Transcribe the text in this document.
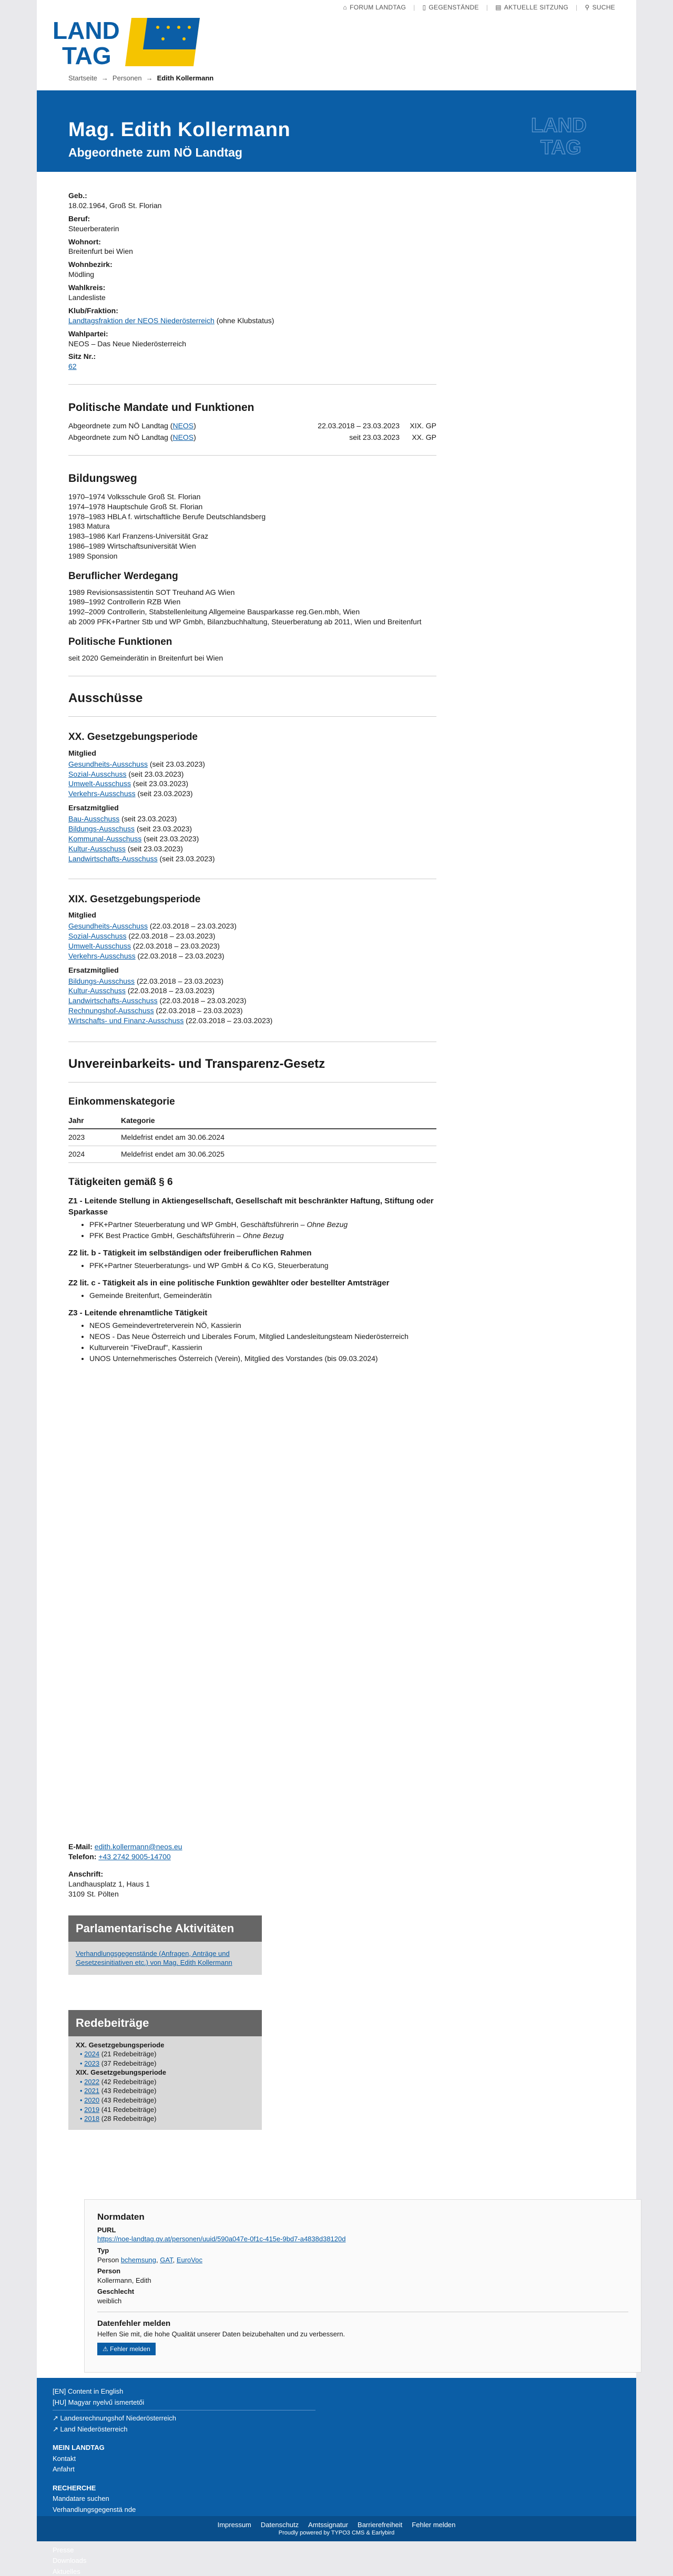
LAND
TAG
⌂ FORUM LANDTAG | ▯ GEGENSTÄNDE | ▤ AKTUELLE SITZUNG | ⚲ SUCHE
Startseite → Personen → Edith Kollermann
Mag. Edith Kollermann
Abgeordnete zum NÖ Landtag
LAND
TAG
Geb.:
18.02.1964, Groß St. Florian
Beruf:
Steuerberaterin
Wohnort:
Breitenfurt bei Wien
Wohnbezirk:
Mödling
Wahlkreis:
Landesliste
Klub/Fraktion:
Landtagsfraktion der NEOS Niederösterreich (ohne Klubstatus)
Wahlpartei:
NEOS – Das Neue Niederösterreich
Sitz Nr.:
62
Politische Mandate und Funktionen
Abgeordnete zum NÖ Landtag (NEOS)	22.03.2018 – 23.03.2023	XIX. GP
Abgeordnete zum NÖ Landtag (NEOS)	seit 23.03.2023	XX. GP
Bildungsweg
1970–1974 Volksschule Groß St. Florian
1974–1978 Hauptschule Groß St. Florian
1978–1983 HBLA f. wirtschaftliche Berufe Deutschlandsberg
1983 Matura
1983–1986 Karl Franzens-Universität Graz
1986–1989 Wirtschaftsuniversität Wien
1989 Sponsion
Beruflicher Werdegang
1989 Revisionsassistentin SOT Treuhand AG Wien
1989–1992 Controllerin RZB Wien
1992–2009 Controllerin, Stabstellenleitung Allgemeine Bausparkasse reg.Gen.mbh, Wien
ab 2009 PFK+Partner Stb und WP Gmbh, Bilanzbuchhaltung, Steuerberatung ab 2011, Wien und Breitenfurt
Politische Funktionen
seit 2020 Gemeinderätin in Breitenfurt bei Wien
Ausschüsse
XX. Gesetzgebungsperiode
Mitglied
Gesundheits-Ausschuss (seit 23.03.2023)
Sozial-Ausschuss (seit 23.03.2023)
Umwelt-Ausschuss (seit 23.03.2023)
Verkehrs-Ausschuss (seit 23.03.2023)
Ersatzmitglied
Bau-Ausschuss (seit 23.03.2023)
Bildungs-Ausschuss (seit 23.03.2023)
Kommunal-Ausschuss (seit 23.03.2023)
Kultur-Ausschuss (seit 23.03.2023)
Landwirtschafts-Ausschuss (seit 23.03.2023)
XIX. Gesetzgebungsperiode
Mitglied
Gesundheits-Ausschuss (22.03.2018 – 23.03.2023)
Sozial-Ausschuss (22.03.2018 – 23.03.2023)
Umwelt-Ausschuss (22.03.2018 – 23.03.2023)
Verkehrs-Ausschuss (22.03.2018 – 23.03.2023)
Ersatzmitglied
Bildungs-Ausschuss (22.03.2018 – 23.03.2023)
Kultur-Ausschuss (22.03.2018 – 23.03.2023)
Landwirtschafts-Ausschuss (22.03.2018 – 23.03.2023)
Rechnungshof-Ausschuss (22.03.2018 – 23.03.2023)
Wirtschafts- und Finanz-Ausschuss (22.03.2018 – 23.03.2023)
Unvereinbarkeits- und Transparenz-Gesetz
Einkommenskategorie
Jahr	Kategorie
2023	Meldefrist endet am 30.06.2024
2024	Meldefrist endet am 30.06.2025
Tätigkeiten gemäß § 6
Z1 - Leitende Stellung in Aktiengesellschaft, Gesellschaft mit beschränkter Haftung, Stiftung oder Sparkasse
• PFK+Partner Steuerberatung und WP GmbH, Geschäftsführerin – Ohne Bezug
• PFK Best Practice GmbH, Geschäftsführerin – Ohne Bezug
Z2 lit. b - Tätigkeit im selbständigen oder freiberuflichen Rahmen
• PFK+Partner Steuerberatungs- und WP GmbH & Co KG, Steuerberatung
Z2 lit. c - Tätigkeit als in eine politische Funktion gewählter oder bestellter Amtsträger
• Gemeinde Breitenfurt, Gemeinderätin
Z3 - Leitende ehrenamtliche Tätigkeit
• NEOS Gemeindevertreterverein NÖ, Kassierin
• NEOS - Das Neue Österreich und Liberales Forum, Mitglied Landesleitungsteam Niederösterreich
• Kulturverein "FiveDrauf", Kassierin
• UNOS Unternehmerisches Österreich (Verein), Mitglied des Vorstandes (bis 09.03.2024)
E-Mail: edith.kollermann@neos.eu
Telefon: +43 2742 9005-14700
Anschrift:
Landhausplatz 1, Haus 1
3109 St. Pölten
Parlamentarische Aktivitäten
Verhandlungsgegenstände (Anfragen, Anträge und Gesetzesinitiativen etc.) von Mag. Edith Kollermann
Redebeiträge
XX. Gesetzgebungsperiode
• 2024 (21 Redebeiträge)
• 2023 (37 Redebeiträge)
XIX. Gesetzgebungsperiode
• 2022 (42 Redebeiträge)
• 2021 (43 Redebeiträge)
• 2020 (43 Redebeiträge)
• 2019 (41 Redebeiträge)
• 2018 (28 Redebeiträge)
Normdaten
PURL
https://noe-landtag.gv.at/personen/uuid/590a047e-0f1c-415e-9bd7-a4838d38120d
Typ
Person bchemsung, GAT, EuroVoc
Person
Kollermann, Edith
Geschlecht
weiblich
Datenfehler melden
Helfen Sie mit, die hohe Qualität unserer Daten beizubehalten und zu verbessern.
⚠ Fehler melden
[EN] Content in English
[HU] Magyar nyelvű ismertetői
↗ Landesrechnungshof Niederösterreich
↗ Land Niederösterreich
MEIN LANDTAG
Kontakt
Anfahrt
RECHERCHE
Mandatare suchen
Verhandlungsgegenstä nde
Presse
Downloads
Aktuelles
Impressum Datenschutz Amtssignatur Barrierefreiheit Fehler melden
Proudly powered by TYPO3 CMS & Earlybird
